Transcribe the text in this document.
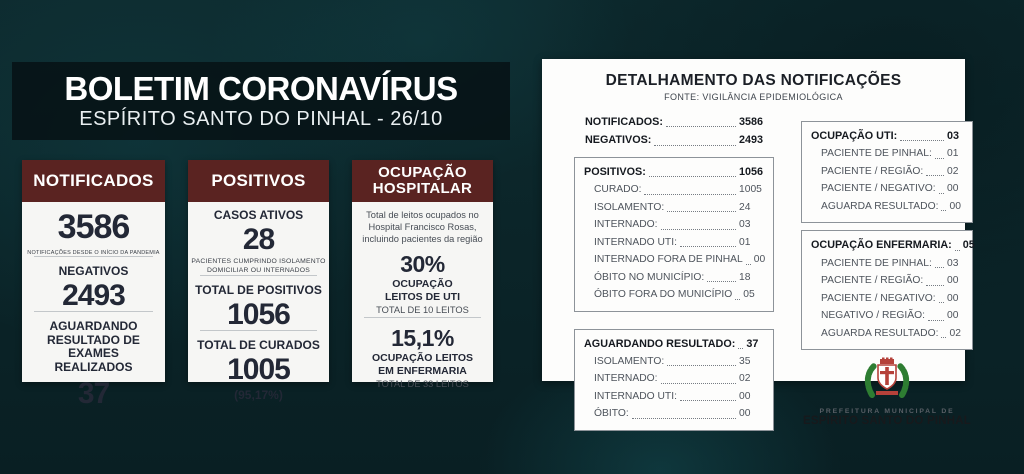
BOLETIM CORONAVÍRUS
ESPÍRITO SANTO DO PINHAL - 26/10
NOTIFICADOS
3586
NOTIFICAÇÕES DESDE O INÍCIO DA PANDEMIA
NEGATIVOS
2493
AGUARDANDO RESULTADO DE EXAMES REALIZADOS
37
POSITIVOS
CASOS ATIVOS
28
PACIENTES CUMPRINDO ISOLAMENTO
DOMICILIAR OU INTERNADOS
TOTAL DE POSITIVOS
1056
TOTAL DE CURADOS
1005
(95,17%)
OCUPAÇÃO
HOSPITALAR
Total de leitos ocupados no Hospital Francisco Rosas, incluindo pacientes da região
30%
OCUPAÇÃO
LEITOS DE UTI
TOTAL DE 10 LEITOS
15,1%
OCUPAÇÃO LEITOS
EM ENFERMARIA
TOTAL DE 33 LEITOS
DETALHAMENTO DAS NOTIFICAÇÕES
FONTE: VIGILÂNCIA EPIDEMIOLÓGICA
NOTIFICADOS:	3586
NEGATIVOS:	2493
POSITIVOS:	1056
CURADO:	1005
ISOLAMENTO:	24
INTERNADO:	03
INTERNADO UTI:	01
INTERNADO FORA DE PINHAL 00
ÓBITO NO MUNICÍPIO:	18
ÓBITO FORA DO MUNICÍPIO 05
AGUARDANDO RESULTADO: 37
ISOLAMENTO:	35
INTERNADO:	02
INTERNADO UTI:	00
ÓBITO:	00
OCUPAÇÃO UTI:	03
PACIENTE DE PINHAL: 01
PACIENTE / REGIÃO: 02
PACIENTE / NEGATIVO: 00
AGUARDA RESULTADO: 00
OCUPAÇÃO ENFERMARIA: 05
PACIENTE DE PINHAL: 03
PACIENTE / REGIÃO: 00
PACIENTE / NEGATIVO: 00
NEGATIVO / REGIÃO: 00
AGUARDA RESULTADO: 02
PREFEITURA MUNICIPAL DE
ESPÍRITO SANTO DO PINHAL
